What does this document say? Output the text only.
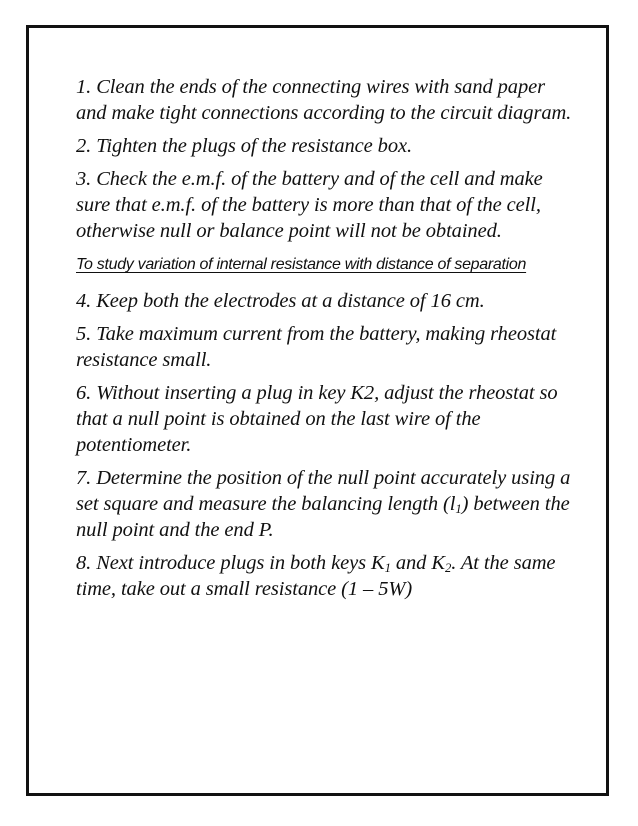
1. Clean the ends of the connecting wires with sand paper and make tight connections according to the circuit diagram.

2. Tighten the plugs of the resistance box.

3. Check the e.m.f. of the battery and of the cell and make sure that e.m.f. of the battery is more than that of the cell, otherwise null or balance point will not be obtained.

To study variation of internal resistance with distance of separation

4. Keep both the electrodes at a distance of 16 cm.

5. Take maximum current from the battery, making rheostat resistance small.

6. Without inserting a plug in key K2, adjust the rheostat so that a null point is obtained on the last wire of the potentiometer.

7. Determine the position of the null point accurately using a set square and measure the balancing length $(l_1)$ between the null point and the end P.

8. Next introduce plugs in both keys $K_1$ and $K_2$. At the same time, take out a small resistance (1 – 5W)
